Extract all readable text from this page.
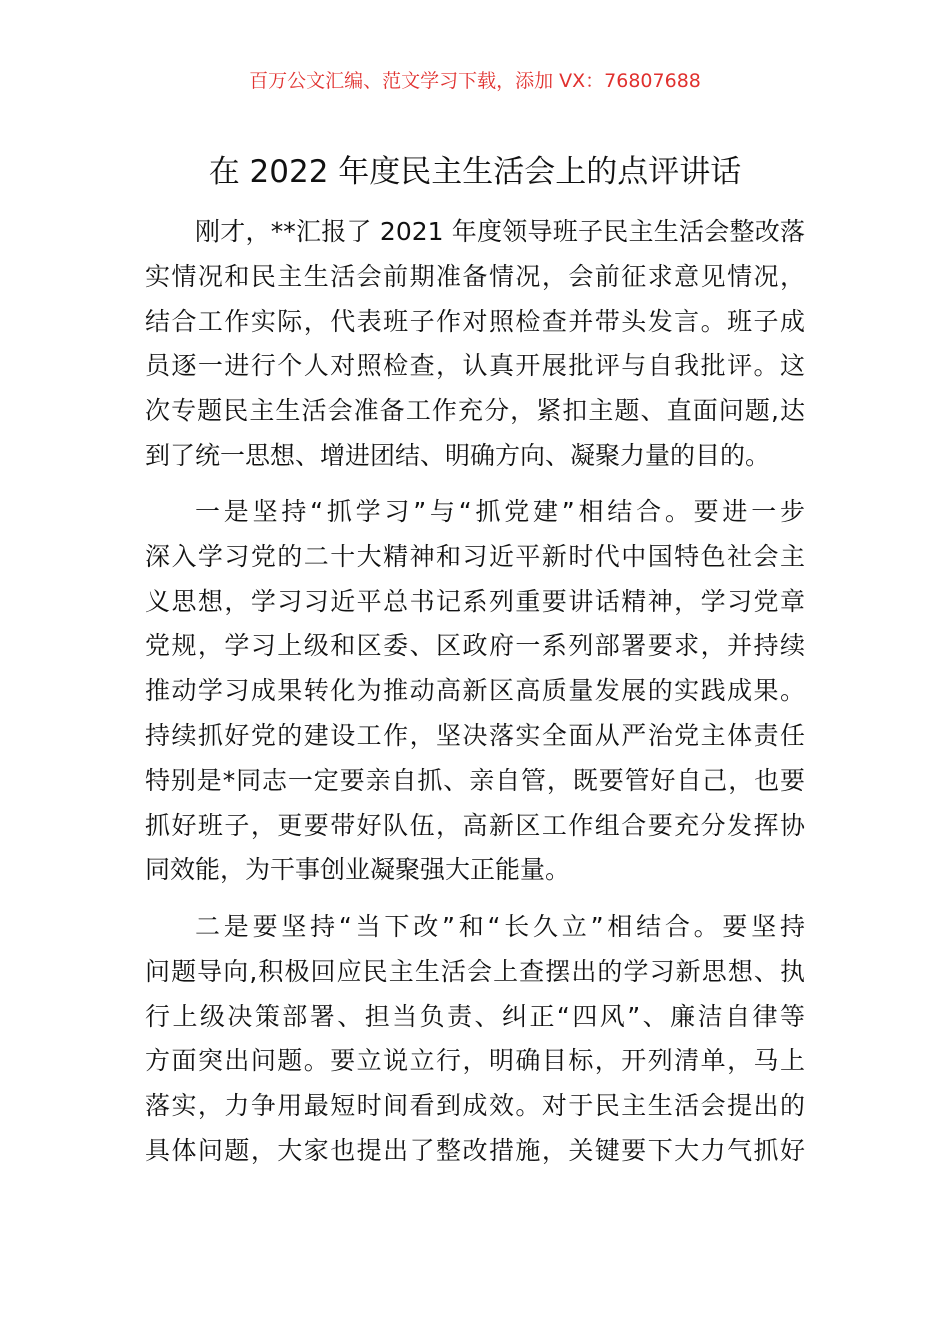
百万公文汇编、范文学习下载，添加 VX：76807688
在 2022 年度民主生活会上的点评讲话
刚才，**汇报了 2021 年度领导班子民主生活会整改落
实情况和民主生活会前期准备情况，会前征求意见情况，
结合工作实际，代表班子作对照检查并带头发言。班子成
员逐一进行个人对照检查，认真开展批评与自我批评。这
次专题民主生活会准备工作充分，紧扣主题、直面问题,达
到了统一思想、增进团结、明确方向、凝聚力量的目的。
一是坚持“抓学习”与“抓党建”相结合。要进一步
深入学习党的二十大精神和习近平新时代中国特色社会主
义思想，学习习近平总书记系列重要讲话精神，学习党章
党规，学习上级和区委、区政府一系列部署要求，并持续
推动学习成果转化为推动高新区高质量发展的实践成果。
持续抓好党的建设工作，坚决落实全面从严治党主体责任
特别是*同志一定要亲自抓、亲自管，既要管好自己，也要
抓好班子，更要带好队伍，高新区工作组合要充分发挥协
同效能，为干事创业凝聚强大正能量。
二是要坚持“当下改”和“长久立”相结合。要坚持
问题导向,积极回应民主生活会上查摆出的学习新思想、执
行上级决策部署、担当负责、纠正“四风”、廉洁自律等
方面突出问题。要立说立行，明确目标，开列清单，马上
落实，力争用最短时间看到成效。对于民主生活会提出的
具体问题，大家也提出了整改措施，关键要下大力气抓好
